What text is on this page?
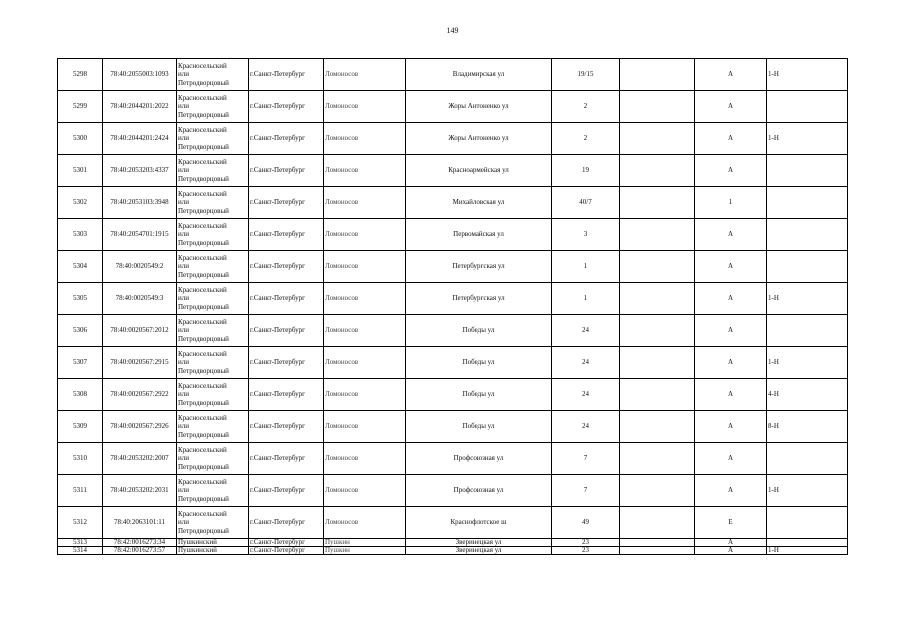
149
5298	78:40:2055003:1093	Красносельский
или
Петродворцовый	г.Санкт-Петербург	Ломоносов	Владимирская ул	19/15		А	1-Н
5299	78:40:2044201:2022	Красносельский
или
Петродворцовый	г.Санкт-Петербург	Ломоносов	Жоры Антоненко ул	2		А	
5300	78:40:2044201:2424	Красносельский
или
Петродворцовый	г.Санкт-Петербург	Ломоносов	Жоры Антоненко ул	2		А	1-Н
5301	78:40:2053203:4337	Красносельский
или
Петродворцовый	г.Санкт-Петербург	Ломоносов	Красноармейская ул	19		А	
5302	78:40:2053103:3948	Красносельский
или
Петродворцовый	г.Санкт-Петербург	Ломоносов	Михайловская ул	40/7		1	
5303	78:40:2054701:1915	Красносельский
или
Петродворцовый	г.Санкт-Петербург	Ломоносов	Первомайская ул	3		А	
5304	78:40:0020549:2	Красносельский
или
Петродворцовый	г.Санкт-Петербург	Ломоносов	Петербургская ул	1		А	
5305	78:40:0020549:3	Красносельский
или
Петродворцовый	г.Санкт-Петербург	Ломоносов	Петербургская ул	1		А	1-Н
5306	78:40:0020567:2012	Красносельский
или
Петродворцовый	г.Санкт-Петербург	Ломоносов	Победы ул	24		А	
5307	78:40:0020567:2915	Красносельский
или
Петродворцовый	г.Санкт-Петербург	Ломоносов	Победы ул	24		А	1-Н
5308	78:40:0020567:2922	Красносельский
или
Петродворцовый	г.Санкт-Петербург	Ломоносов	Победы ул	24		А	4-Н
5309	78:40:0020567:2926	Красносельский
или
Петродворцовый	г.Санкт-Петербург	Ломоносов	Победы ул	24		А	8-Н
5310	78:40:2053202:2007	Красносельский
или
Петродворцовый	г.Санкт-Петербург	Ломоносов	Профсоюзная ул	7		А	
5311	78:40:2053202:2031	Красносельский
или
Петродворцовый	г.Санкт-Петербург	Ломоносов	Профсоюзная ул	7		А	1-Н
5312	78:40:2063101:11	Красносельский
или
Петродворцовый	г.Санкт-Петербург	Ломоносов	Краснофлотское ш	49		Е	
5313	78:42:0016273:34	Пушкинский	г.Санкт-Петербург	Пушкин	Зверинецкая ул	23		А	
5314	78:42:0016273:57	Пушкинский	г.Санкт-Петербург	Пушкин	Зверинецкая ул	23		А	1-Н
